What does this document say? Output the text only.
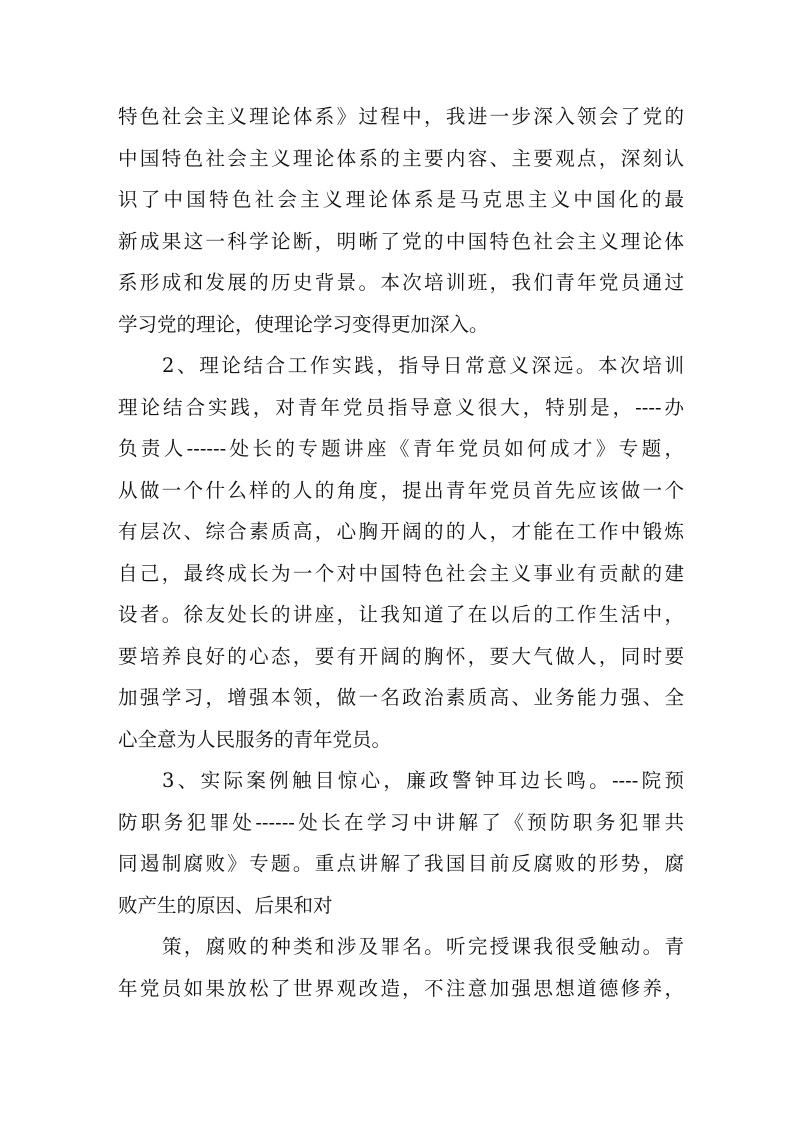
特色社会主义理论体系》过程中，我进一步深入领会了党的
中国特色社会主义理论体系的主要内容、主要观点，深刻认
识了中国特色社会主义理论体系是马克思主义中国化的最
新成果这一科学论断，明晰了党的中国特色社会主义理论体
系形成和发展的历史背景。本次培训班，我们青年党员通过
学习党的理论，使理论学习变得更加深入。
2、理论结合工作实践，指导日常意义深远。本次培训
理论结合实践，对青年党员指导意义很大，特别是，----办
负责人------处长的专题讲座《青年党员如何成才》专题，
从做一个什么样的人的角度，提出青年党员首先应该做一个
有层次、综合素质高，心胸开阔的的人，才能在工作中锻炼
自己，最终成长为一个对中国特色社会主义事业有贡献的建
设者。徐友处长的讲座，让我知道了在以后的工作生活中，
要培养良好的心态，要有开阔的胸怀，要大气做人，同时要
加强学习，增强本领，做一名政治素质高、业务能力强、全
心全意为人民服务的青年党员。
3、实际案例触目惊心，廉政警钟耳边长鸣。----院预
防职务犯罪处------处长在学习中讲解了《预防职务犯罪共
同遏制腐败》专题。重点讲解了我国目前反腐败的形势，腐
败产生的原因、后果和对
策，腐败的种类和涉及罪名。听完授课我很受触动。青
年党员如果放松了世界观改造，不注意加强思想道德修养，
